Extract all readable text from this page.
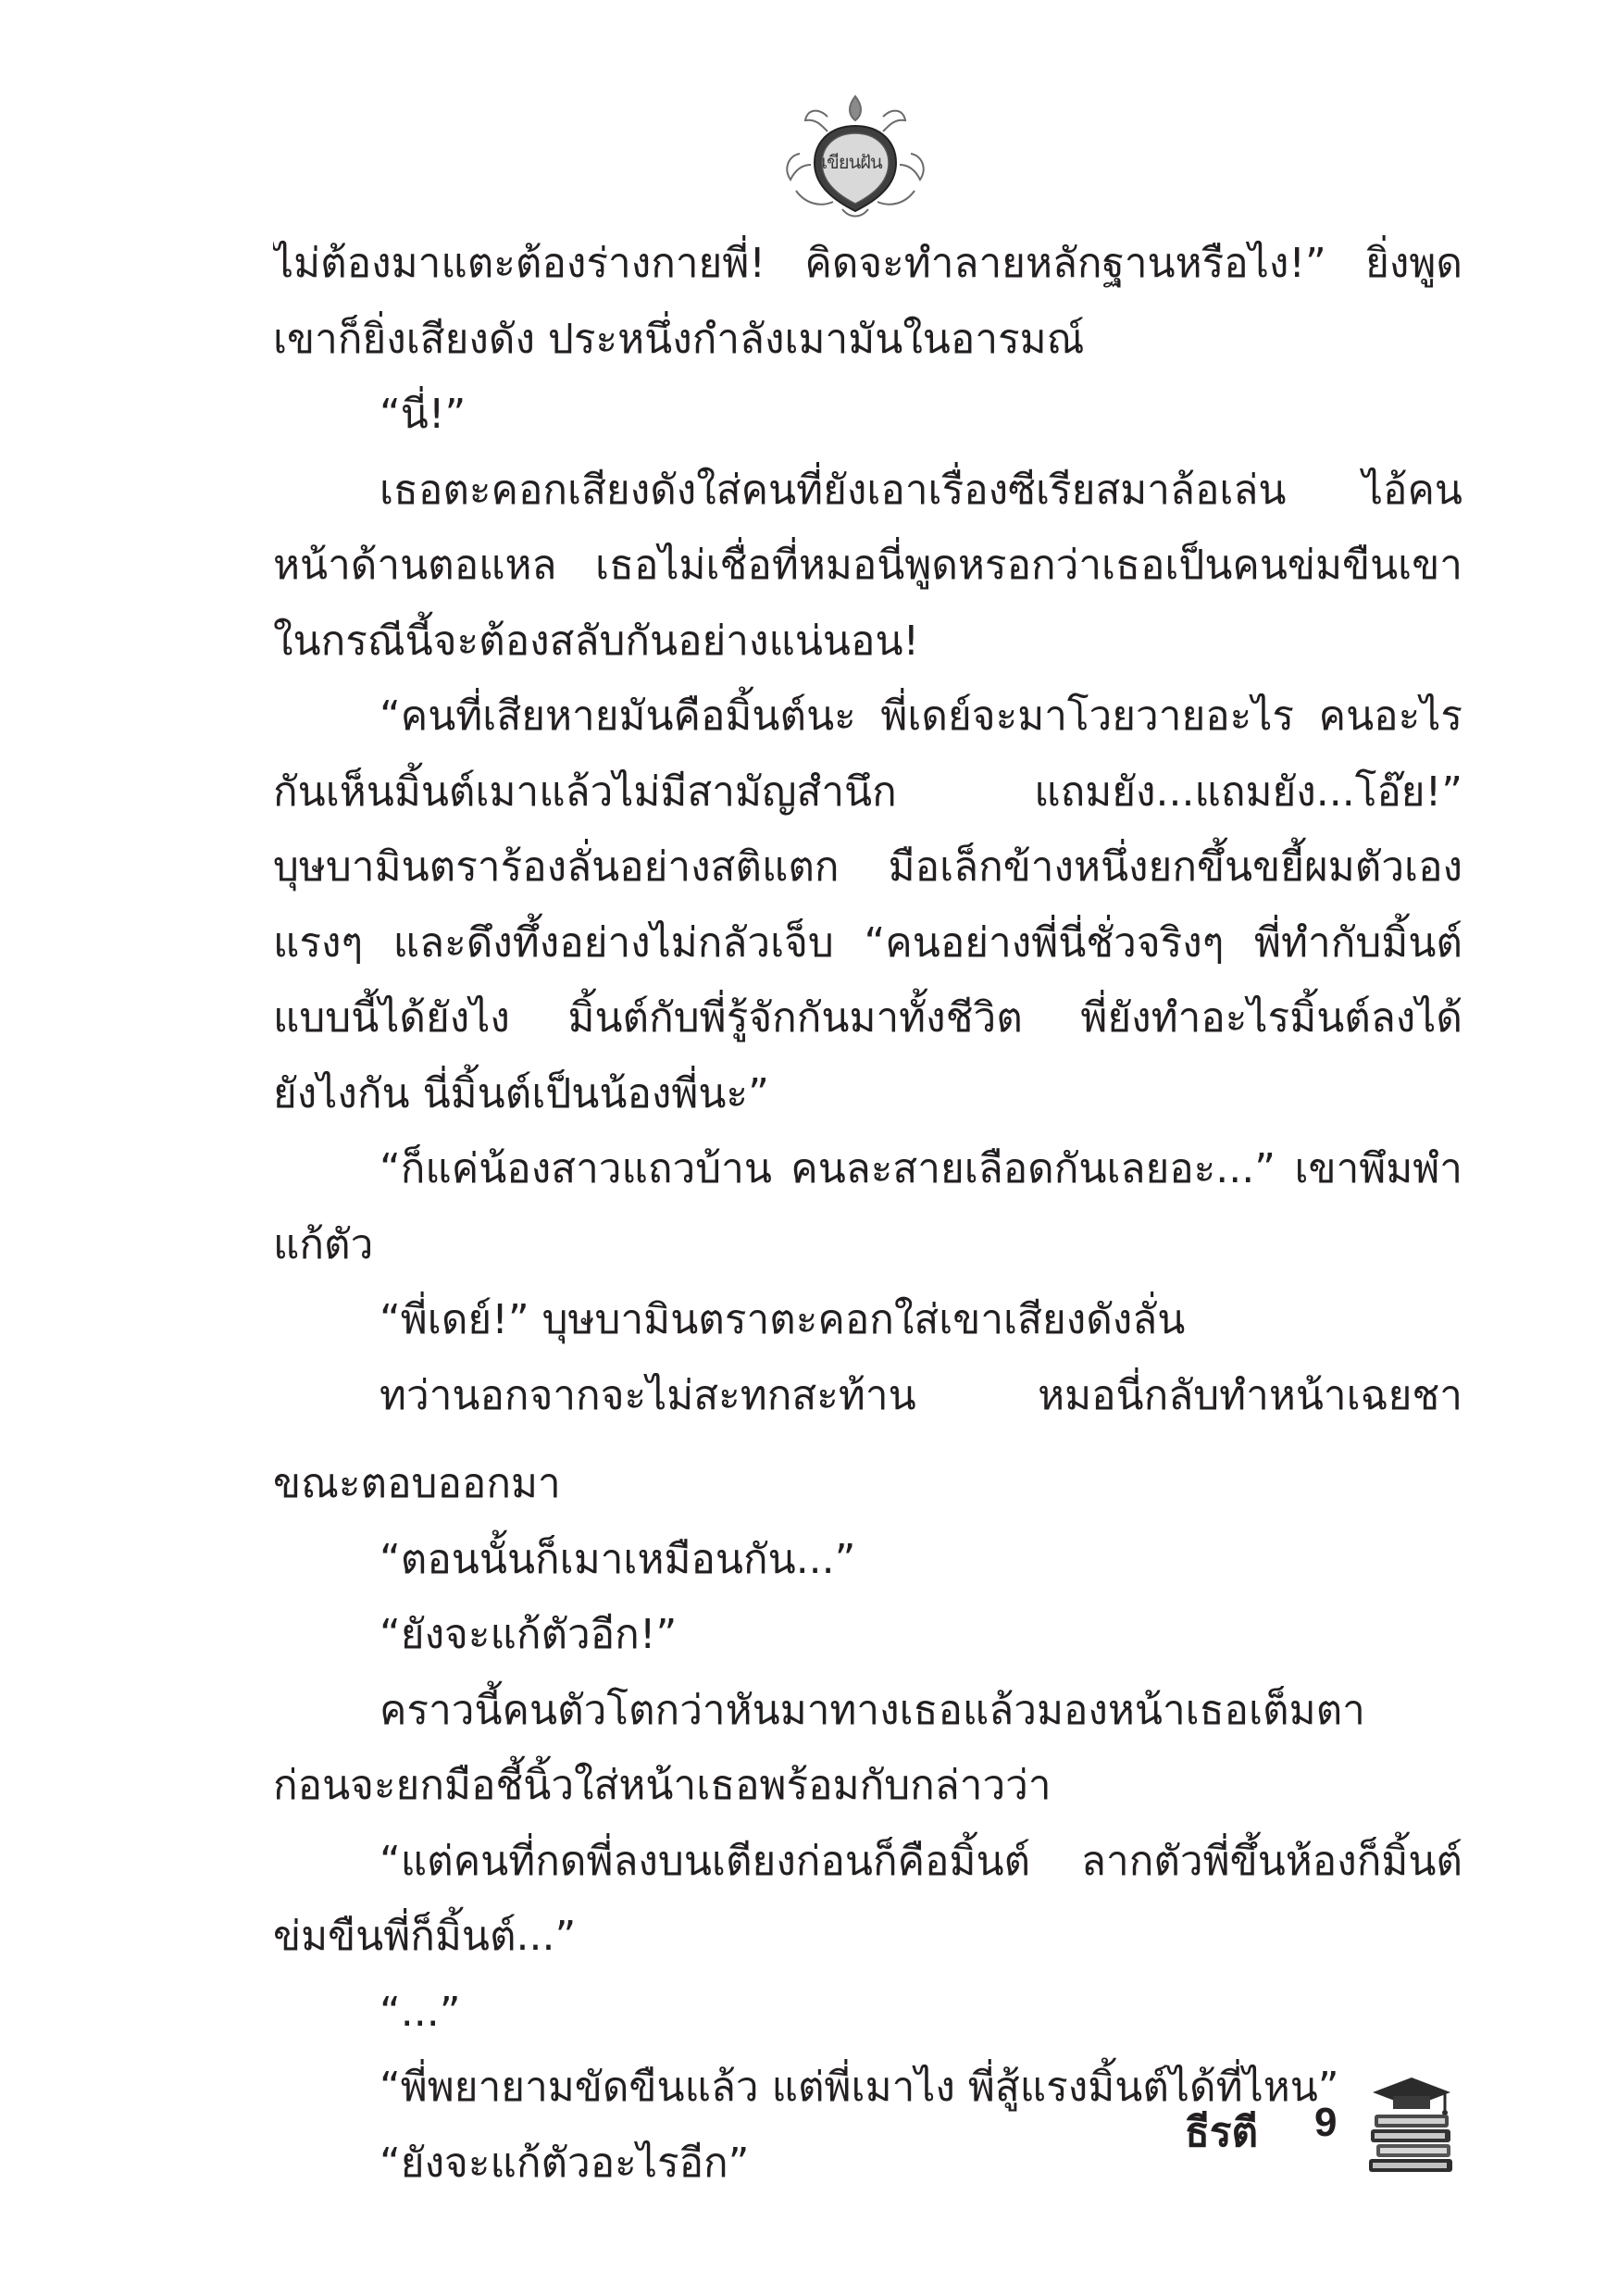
เขียนฝัน
ไม่ต้องมาแตะต้องร่างกายพี่! คิดจะทำลายหลักฐานหรือไง!” ยิ่งพูด
เขาก็ยิ่งเสียงดัง ประหนึ่งกำลังเมามันในอารมณ์
“นี่!”
เธอตะคอกเสียงดังใส่คนที่ยังเอาเรื่องซีเรียสมาล้อเล่น ไอ้คน
หน้าด้านตอแหล เธอไม่เชื่อที่หมอนี่พูดหรอกว่าเธอเป็นคนข่มขืนเขา
ในกรณีนี้จะต้องสลับกันอย่างแน่นอน!
“คนที่เสียหายมันคือมิ้นต์นะ พี่เดย์จะมาโวยวายอะไร คนอะไร
กันเห็นมิ้นต์เมาแล้วไม่มีสามัญสำนึก แถมยัง...แถมยัง...โอ๊ย!”
บุษบามินตราร้องลั่นอย่างสติแตก มือเล็กข้างหนึ่งยกขึ้นขยี้ผมตัวเอง
แรงๆ และดึงทึ้งอย่างไม่กลัวเจ็บ “คนอย่างพี่นี่ชั่วจริงๆ พี่ทำกับมิ้นต์
แบบนี้ได้ยังไง มิ้นต์กับพี่รู้จักกันมาทั้งชีวิต พี่ยังทำอะไรมิ้นต์ลงได้
ยังไงกัน นี่มิ้นต์เป็นน้องพี่นะ”
“ก็แค่น้องสาวแถวบ้าน คนละสายเลือดกันเลยอะ...” เขาพึมพำ
แก้ตัว
“พี่เดย์!” บุษบามินตราตะคอกใส่เขาเสียงดังลั่น
ทว่านอกจากจะไม่สะทกสะท้าน หมอนี่กลับทำหน้าเฉยชา
ขณะตอบออกมา
“ตอนนั้นก็เมาเหมือนกัน...”
“ยังจะแก้ตัวอีก!”
คราวนี้คนตัวโตกว่าหันมาทางเธอแล้วมองหน้าเธอเต็มตา
ก่อนจะยกมือชี้นิ้วใส่หน้าเธอพร้อมกับกล่าวว่า
“แต่คนที่กดพี่ลงบนเตียงก่อนก็คือมิ้นต์ ลากตัวพี่ขึ้นห้องก็มิ้นต์
ข่มขืนพี่ก็มิ้นต์...”
“...”
“พี่พยายามขัดขืนแล้ว แต่พี่เมาไง พี่สู้แรงมิ้นต์ได้ที่ไหน”
“ยังจะแก้ตัวอะไรอีก”
ธีรตี 9
